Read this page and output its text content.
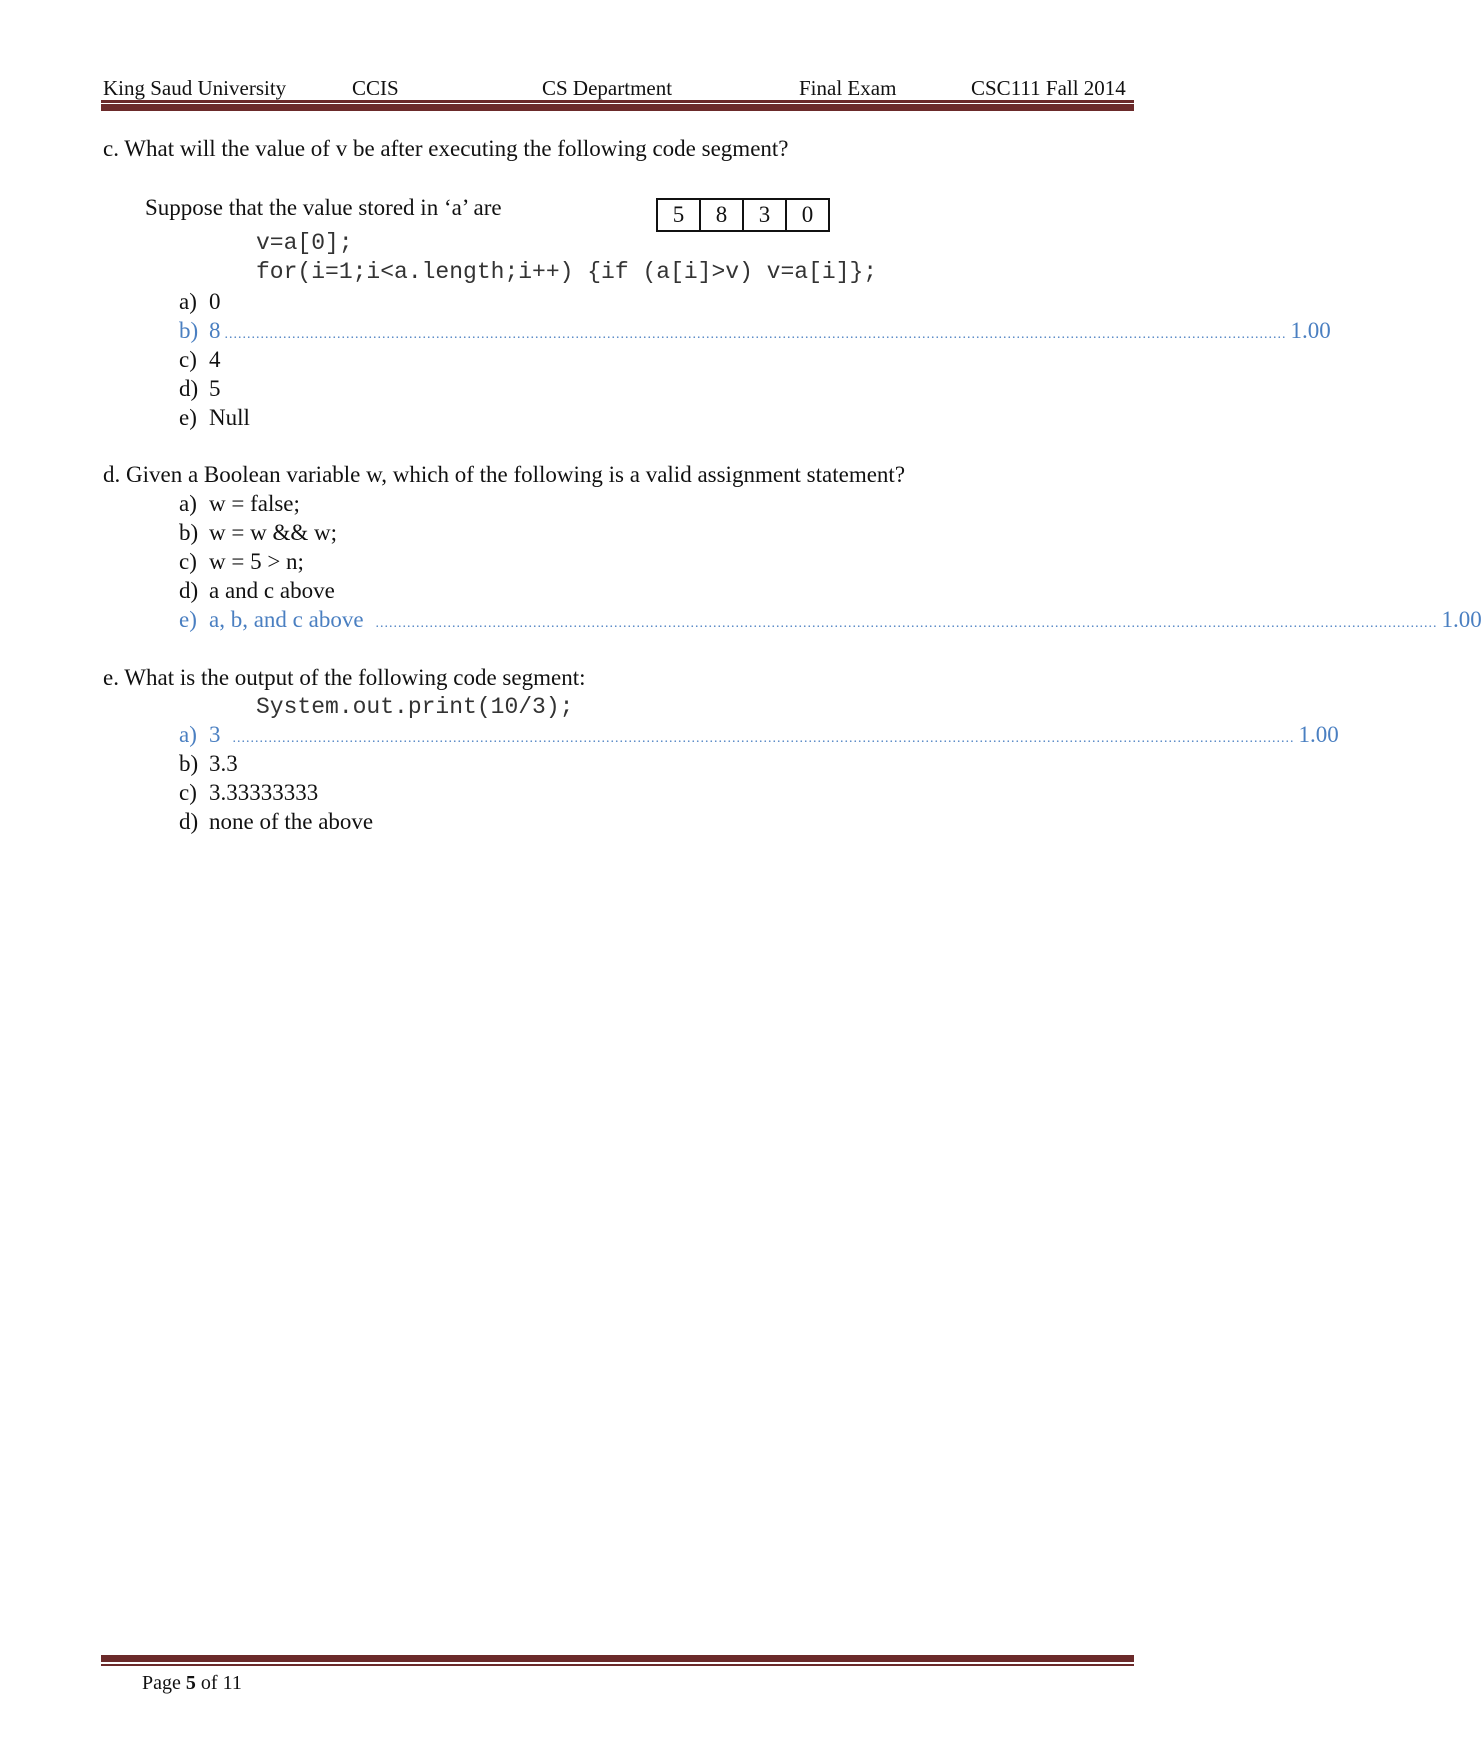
King Saud University	CCIS	CS Department	Final Exam	CSC111 Fall 2014
c. What will the value of v be after executing the following code segment?
Suppose that the value stored in ‘a’ are	5	8	3	0
v=a[0];
for(i=1;i<a.length;i++) {if (a[i]>v) v=a[i]};
a) 0
b) 8 ............................................................................................................................................................................................................................................ 1.00
c) 4
d) 5
e) Null
d. Given a Boolean variable w, which of the following is a valid assignment statement?
a) w = false;
b) w = w && w;
c) w = 5 > n;
d) a and c above
e) a, b, and c above ............................................................................................................................................................................................................................................ 1.00
e. What is the output of the following code segment:
System.out.print(10/3);
a) 3 ............................................................................................................................................................................................................................................ 1.00
b) 3.3
c) 3.33333333
d) none of the above
Page 5 of 11
